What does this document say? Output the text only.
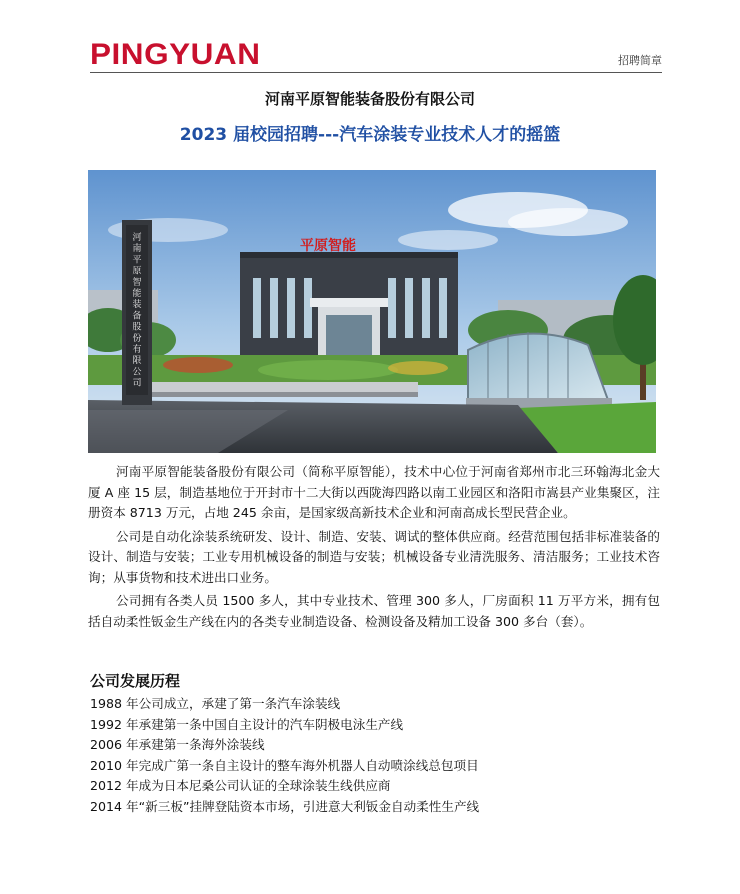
PINGYUAN	招聘简章
河南平原智能装备股份有限公司
2023 届校园招聘---汽车涂装专业技术人才的摇篮
平原智能
河
南
平
原
智
能
装
备
股
份
有
限
公
司

河南平原智能装备股份有限公司（简称平原智能），技术中心位于河南省郑州市北三环翰海北金大厦 A 座 15 层，制造基地位于开封市十二大街以西陇海四路以南工业园区和洛阳市嵩县产业集聚区，注册资本 8713 万元，占地 245 余亩，是国家级高新技术企业和河南高成长型民营企业。

公司是自动化涂装系统研发、设计、制造、安装、调试的整体供应商。经营范围包括非标准装备的设计、制造与安装；工业专用机械设备的制造与安装；机械设备专业清洗服务、清洁服务；工业技术咨询；从事货物和技术进出口业务。

公司拥有各类人员 1500 多人，其中专业技术、管理 300 多人，厂房面积 11 万平方米，拥有包括自动柔性钣金生产线在内的各类专业制造设备、检测设备及精加工设备 300 多台（套）。

公司发展历程
1988 年公司成立，承建了第一条汽车涂装线
1992 年承建第一条中国自主设计的汽车阴极电泳生产线
2006 年承建第一条海外涂装线
2010 年完成广第一条自主设计的整车海外机器人自动喷涂线总包项目
2012 年成为日本尼桑公司认证的全球涂装生线供应商
2014 年“新三板”挂牌登陆资本市场，引进意大利钣金自动柔性生产线
